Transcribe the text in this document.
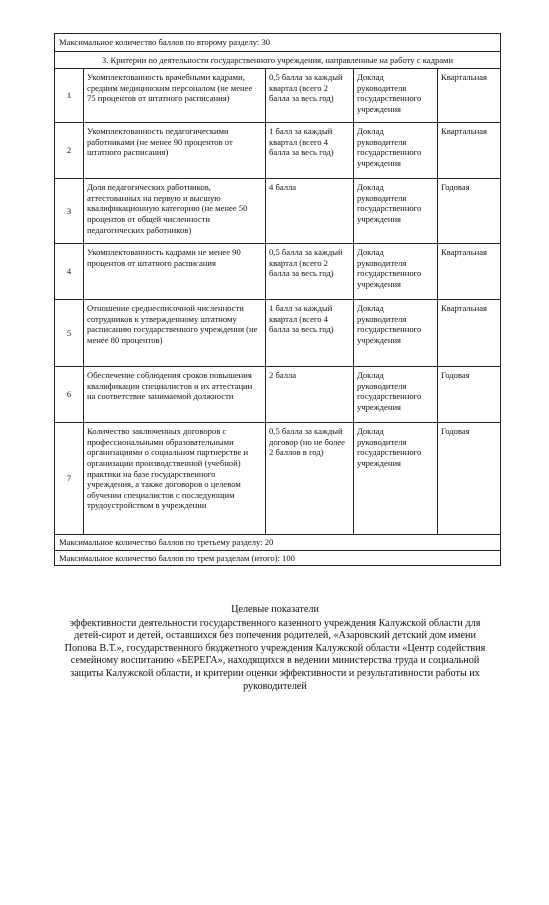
Максимальное количество баллов по второму разделу: 30				
3. Критерии по деятельности государственного учреждения, направленные на работу с кадрами				
1	Укомплектованность врачебными кадрами, средним медицинским персоналом (не менее 75 процентов от штатного расписания)	0,5 балла за каждый квартал (всего 2 балла за весь год)	Доклад руководителя государственного учреждения	Квартальная
2	Укомплектованность педагогическими работниками (не менее 90 процентов от штатного расписания)	1 балл за каждый квартал (всего 4 балла за весь год)	Доклад руководителя государственного учреждения	Квартальная
3	Доля педагогических работников, аттестованных на первую и высшую квалификационную категорию (не менее 50 процентов от общей численности педагогических работников)	4 балла	Доклад руководителя государственного учреждения	Годовая
4	Укомплектованность кадрами не менее 90 процентов от штатного расписания	0,5 балла за каждый квартал (всего 2 балла за весь год)	Доклад руководителя государственного учреждения	Квартальная
5	Отношение среднесписочной численности сотрудников к утвержденному штатному расписанию государственного учреждения (не менее 80 процентов)	1 балл за каждый квартал (всего 4 балла за весь год)	Доклад руководителя государственного учреждения	Квартальная
6	Обеспечение соблюдения сроков повышения квалификации специалистов и их аттестации на соответствие занимаемой должности	2 балла	Доклад руководителя государственного учреждения	Годовая
7	Количество заключенных договоров с профессиональными образовательными организациями о социальном партнерстве и организации производственной (учебной) практики на базе государственного учреждения, а также договоров о целевом обучении специалистов с последующим трудоустройством в учреждении	0,5 балла за каждый договор (но не более 2 баллов в год)	Доклад руководителя государственного учреждения	Годовая
Максимальное количество баллов по третьему разделу: 20				
Максимальное количество баллов по трем разделам (итого): 100				
Целевые показатели

эффективности деятельности государственного казенного учреждения Калужской области для детей-сирот и детей, оставшихся без попечения родителей, «Азаровский детский дом имени Попова В.Т.», государственного бюджетного учреждения Калужской области «Центр содействия семейному воспитанию «БЕРЕГА», находящихся в ведении министерства труда и социальной защиты Калужской области, и критерии оценки эффективности и результативности работы их руководителей
